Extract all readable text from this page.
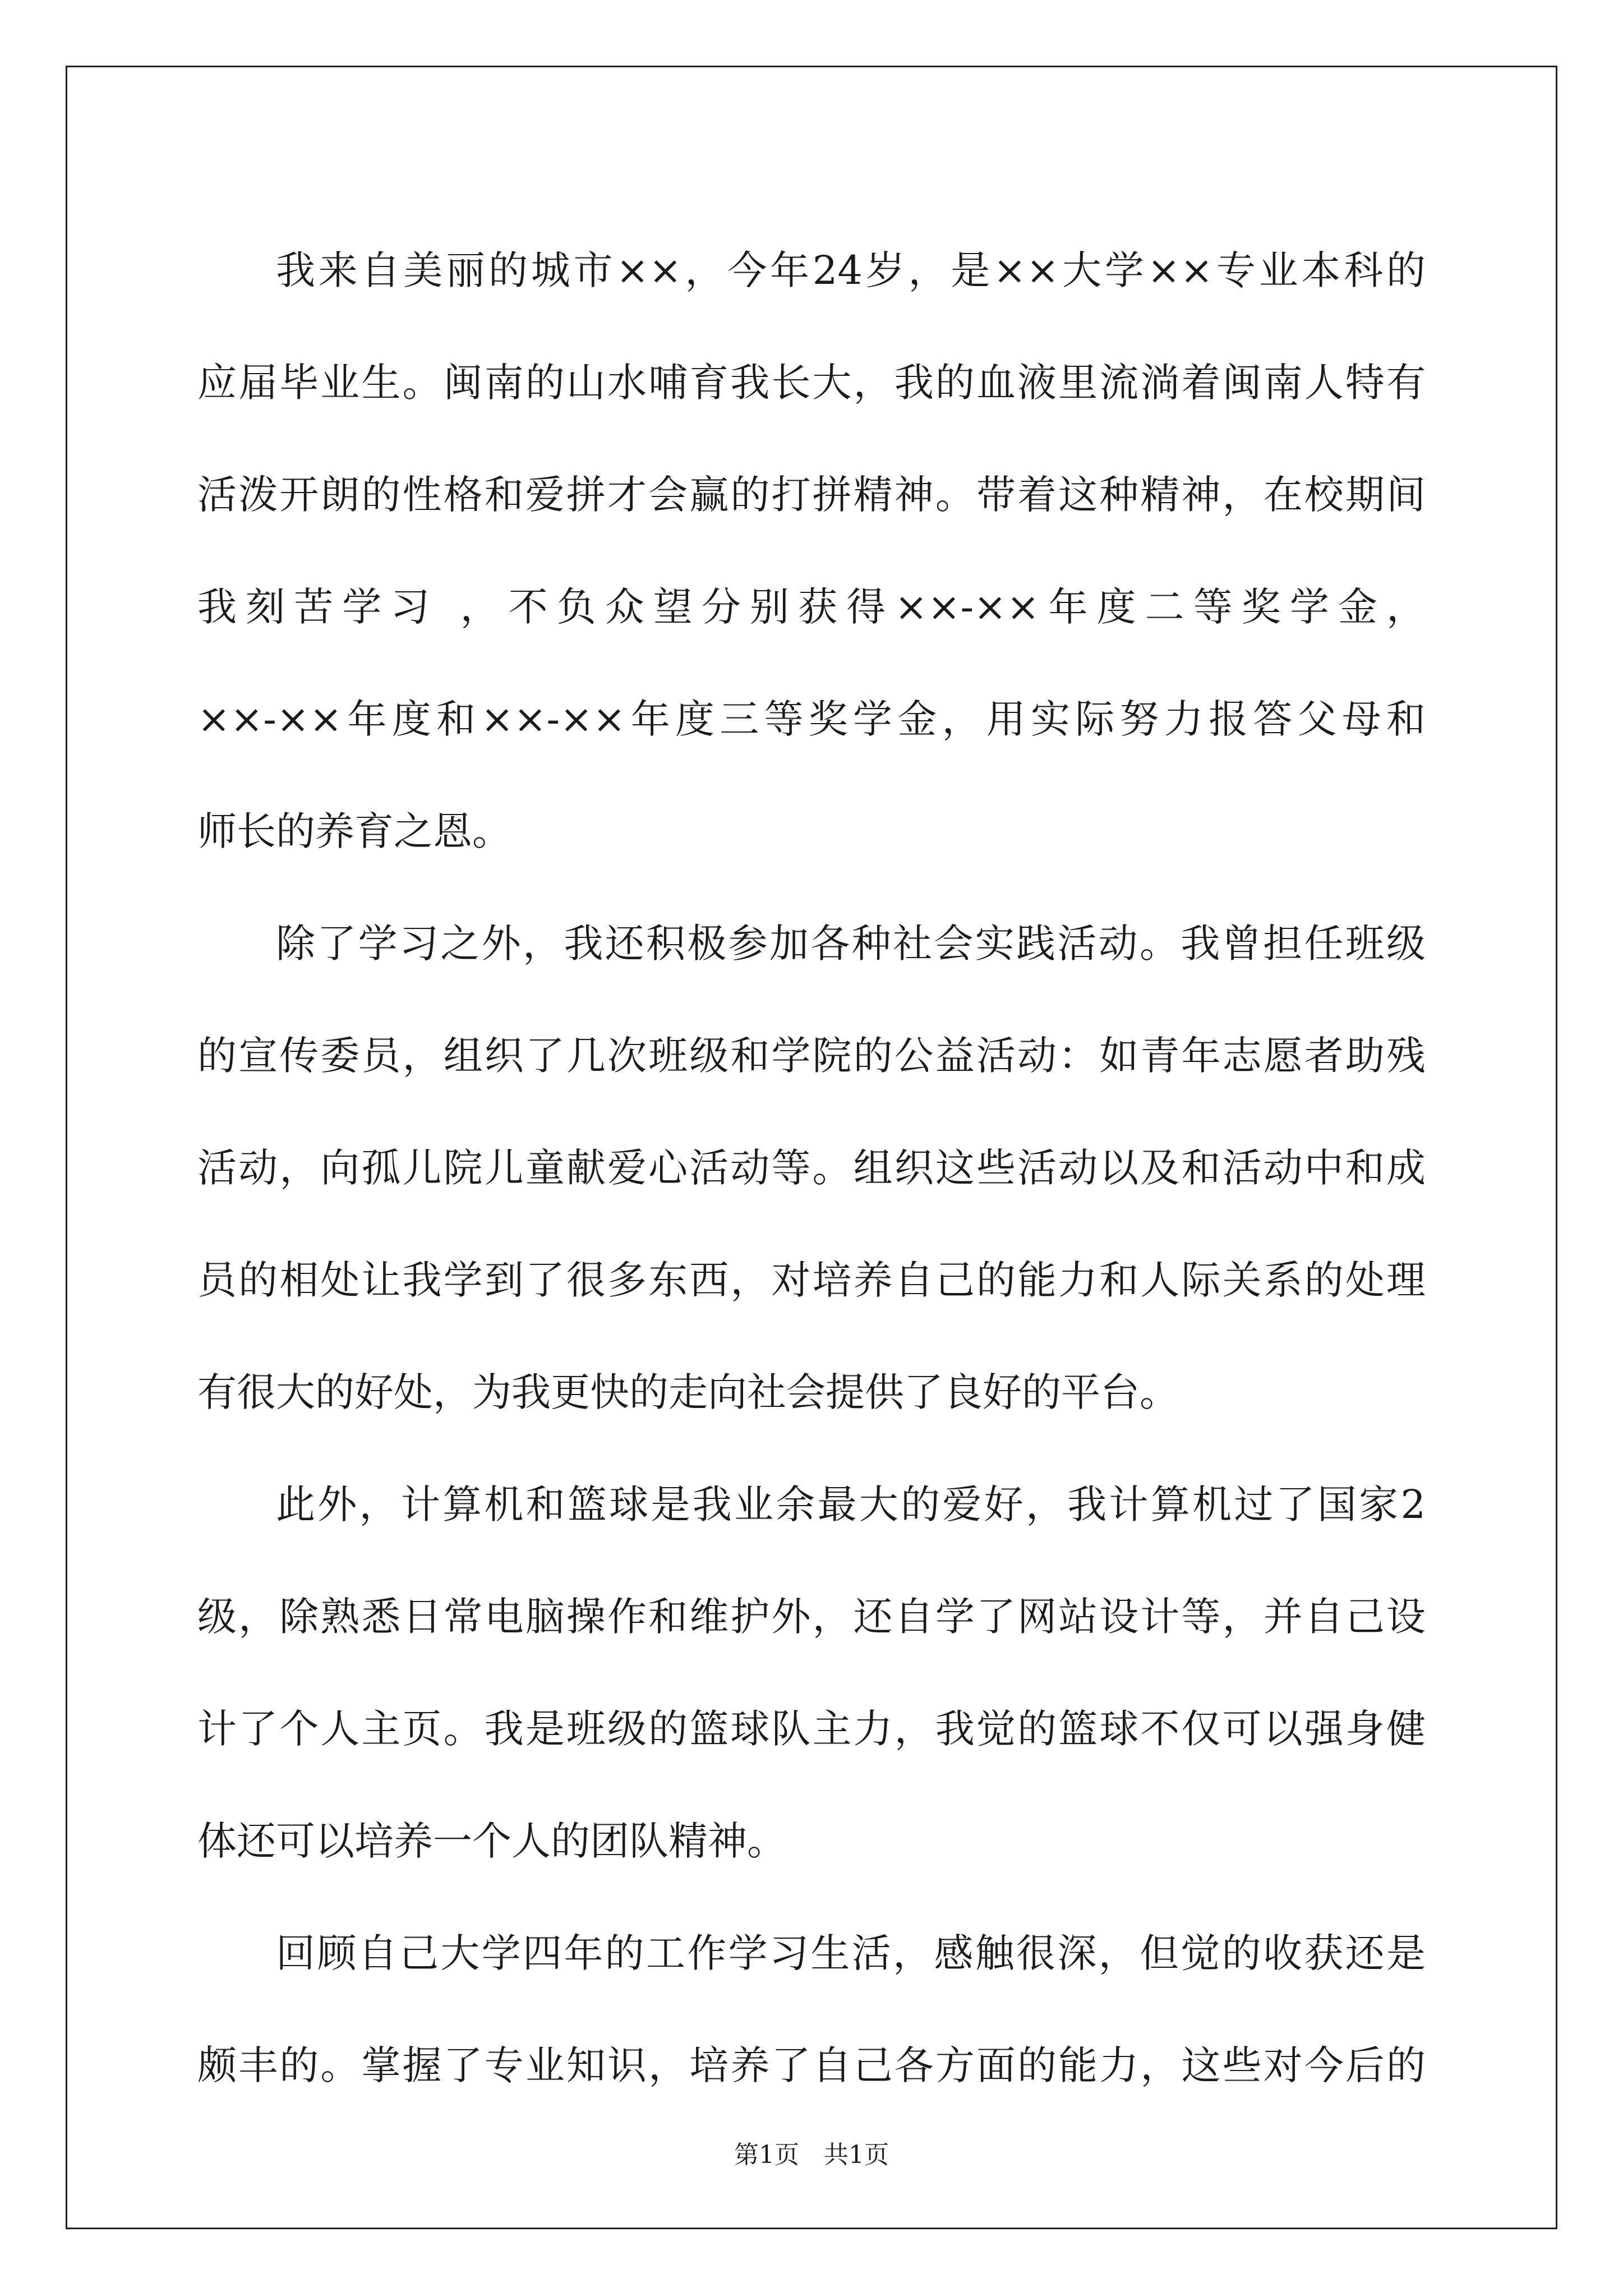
我来自美丽的城市××，今年24岁，是××大学××专业本科的
应届毕业生。闽南的山水哺育我长大，我的血液里流淌着闽南人特有
活泼开朗的性格和爱拼才会赢的打拼精神。带着这种精神，在校期间
我刻苦学习 ，不负众望分别获得××-××年度二等奖学金，
××-××年度和××-××年度三等奖学金，用实际努力报答父母和
师长的养育之恩。
除了学习之外，我还积极参加各种社会实践活动。我曾担任班级
的宣传委员，组织了几次班级和学院的公益活动：如青年志愿者助残
活动，向孤儿院儿童献爱心活动等。组织这些活动以及和活动中和成
员的相处让我学到了很多东西，对培养自己的能力和人际关系的处理
有很大的好处，为我更快的走向社会提供了良好的平台。
此外，计算机和篮球是我业余最大的爱好，我计算机过了国家2
级，除熟悉日常电脑操作和维护外，还自学了网站设计等，并自己设
计了个人主页。我是班级的篮球队主力，我觉的篮球不仅可以强身健
体还可以培养一个人的团队精神。
回顾自己大学四年的工作学习生活，感触很深，但觉的收获还是
颇丰的。掌握了专业知识，培养了自己各方面的能力，这些对今后的
第1页　共1页
